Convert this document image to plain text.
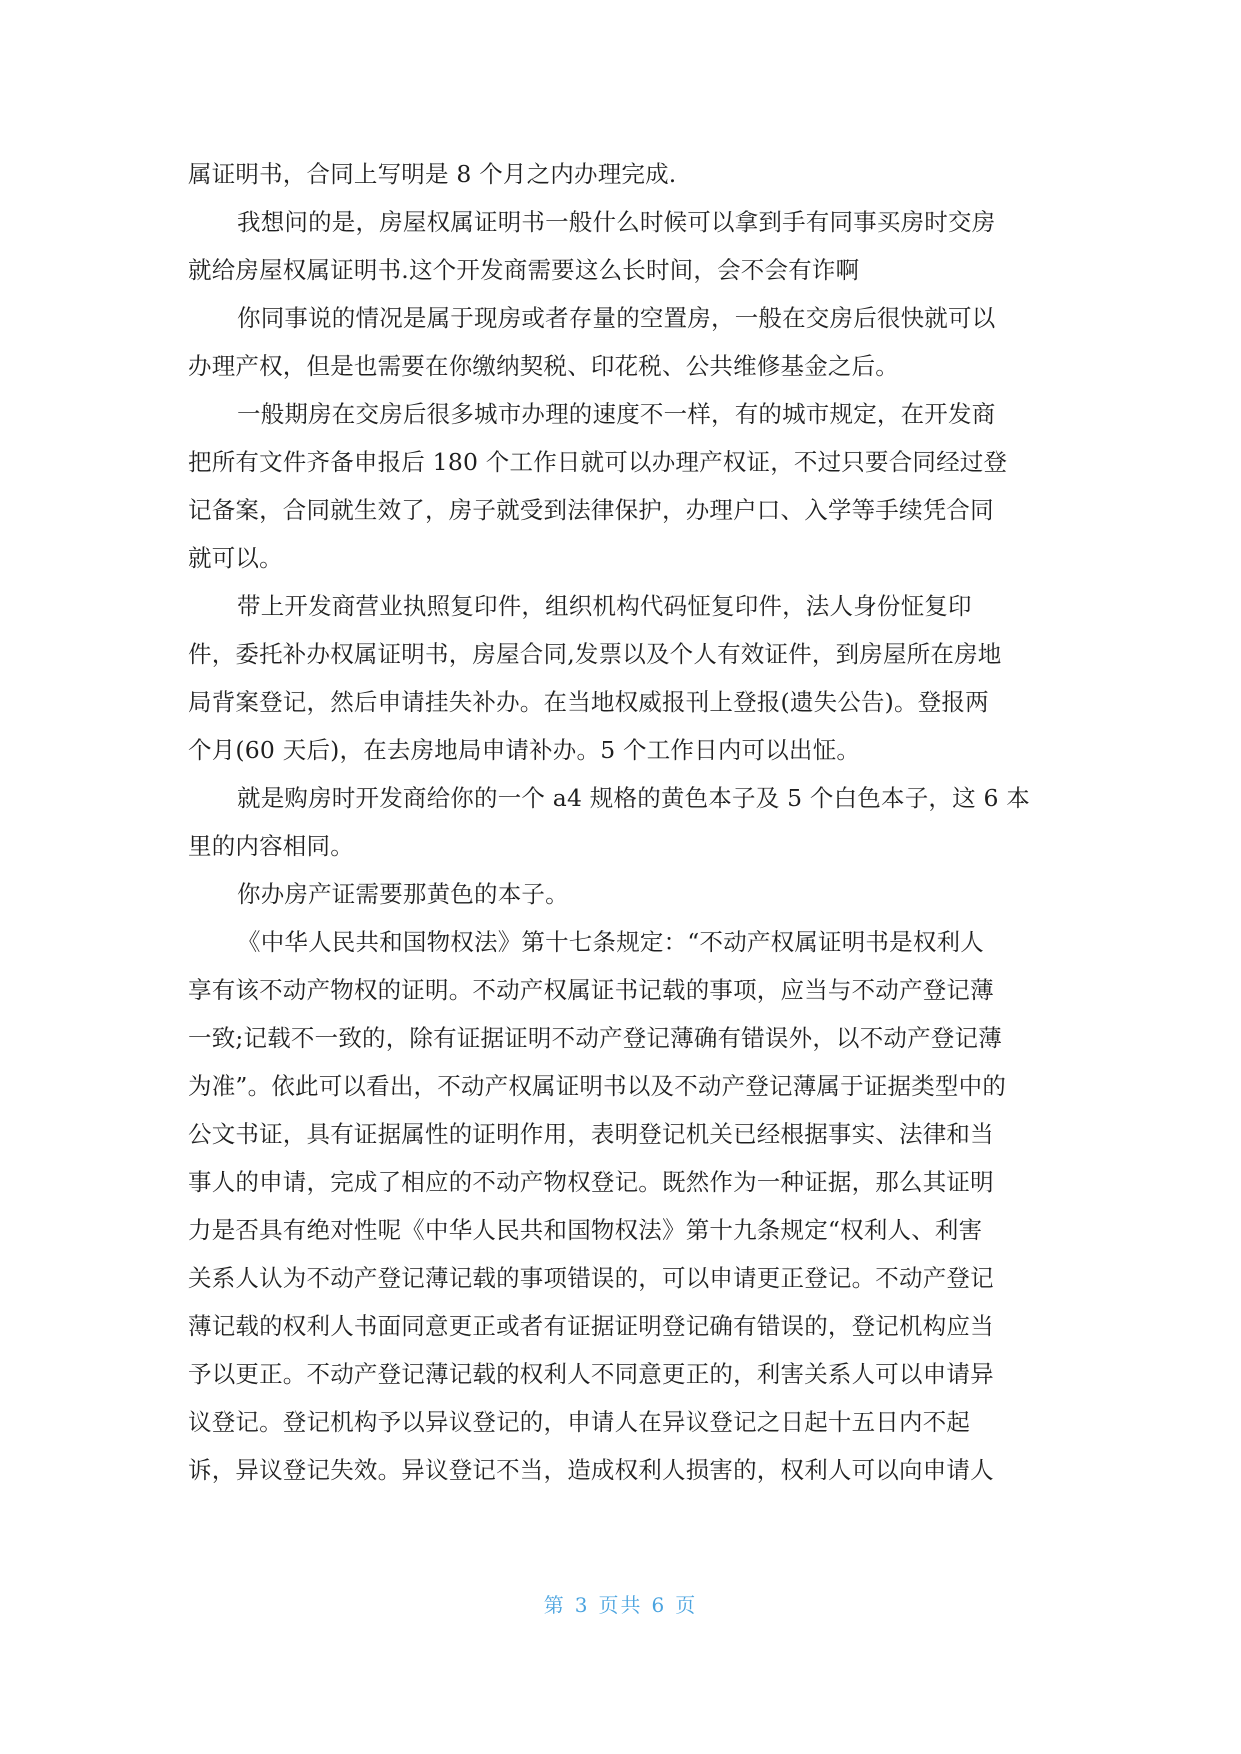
属证明书，合同上写明是 8 个月之内办理完成.
我想问的是，房屋权属证明书一般什么时候可以拿到手有同事买房时交房
就给房屋权属证明书.这个开发商需要这么长时间，会不会有诈啊
你同事说的情况是属于现房或者存量的空置房，一般在交房后很快就可以
办理产权，但是也需要在你缴纳契税、印花税、公共维修基金之后。
一般期房在交房后很多城市办理的速度不一样，有的城市规定，在开发商
把所有文件齐备申报后 180 个工作日就可以办理产权证，不过只要合同经过登
记备案，合同就生效了，房子就受到法律保护，办理户口、入学等手续凭合同
就可以。
带上开发商营业执照复印件，组织机构代码怔复印件，法人身份怔复印
件，委托补办权属证明书，房屋合同,发票以及个人有效证件，到房屋所在房地
局背案登记，然后申请挂失补办。在当地权威报刊上登报(遗失公告)。登报两
个月(60 天后)，在去房地局申请补办。5 个工作日内可以出怔。
就是购房时开发商给你的一个 a4 规格的黄色本子及 5 个白色本子，这 6 本
里的内容相同。
你办房产证需要那黄色的本子。
《中华人民共和国物权法》第十七条规定：“不动产权属证明书是权利人
享有该不动产物权的证明。不动产权属证书记载的事项，应当与不动产登记薄
一致;记载不一致的，除有证据证明不动产登记薄确有错误外，以不动产登记薄
为准”。依此可以看出，不动产权属证明书以及不动产登记薄属于证据类型中的
公文书证，具有证据属性的证明作用，表明登记机关已经根据事实、法律和当
事人的申请，完成了相应的不动产物权登记。既然作为一种证据，那么其证明
力是否具有绝对性呢《中华人民共和国物权法》第十九条规定“权利人、利害
关系人认为不动产登记薄记载的事项错误的，可以申请更正登记。不动产登记
薄记载的权利人书面同意更正或者有证据证明登记确有错误的，登记机构应当
予以更正。不动产登记薄记载的权利人不同意更正的，利害关系人可以申请异
议登记。登记机构予以异议登记的，申请人在异议登记之日起十五日内不起
诉，异议登记失效。异议登记不当，造成权利人损害的，权利人可以向申请人
第 3 页共 6 页
